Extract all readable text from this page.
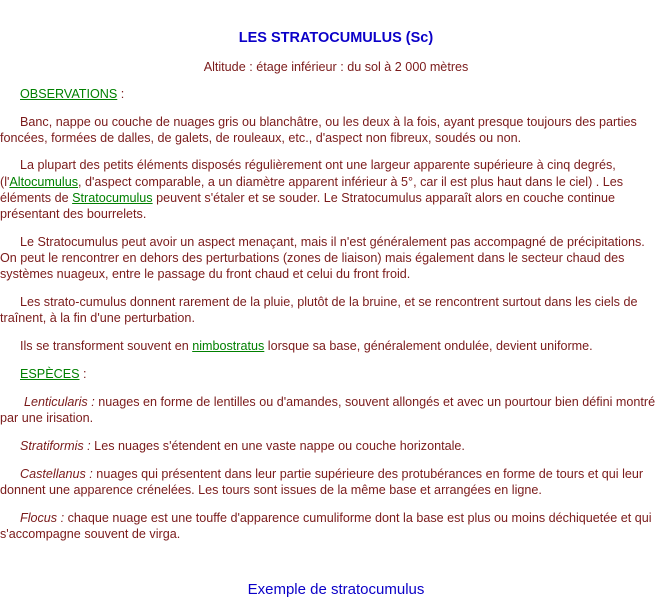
LES STRATOCUMULUS (Sc)
Altitude : étage inférieur : du sol à 2 000 mètres
OBSERVATIONS :
Banc, nappe ou couche de nuages gris ou blanchâtre, ou les deux à la fois, ayant presque toujours des parties
foncées, formées de dalles, de galets, de rouleaux, etc., d'aspect non fibreux, soudés ou non.
La plupart des petits éléments disposés régulièrement ont une largeur apparente supérieure à cinq degrés,
(l'Altocumulus, d'aspect comparable, a un diamètre apparent inférieur à 5°, car il est plus haut dans le ciel) . Les
éléments de Stratocumulus peuvent s'étaler et se souder. Le Stratocumulus apparaît alors en couche continue
présentant des bourrelets.
Le Stratocumulus peut avoir un aspect menaçant, mais il n'est généralement pas accompagné de précipitations.
On peut le rencontrer en dehors des perturbations (zones de liaison) mais également dans le secteur chaud des
systèmes nuageux, entre le passage du front chaud et celui du front froid.
Les strato-cumulus donnent rarement de la pluie, plutôt de la bruine, et se rencontrent surtout dans les ciels de
traînent, à la fin d'une perturbation.
Ils se transforment souvent en nimbostratus lorsque sa base, généralement ondulée, devient uniforme.
ESPÈCES :
Lenticularis : nuages en forme de lentilles ou d'amandes, souvent allongés et avec un pourtour bien défini montré
par une irisation.
Stratiformis : Les nuages s'étendent en une vaste nappe ou couche horizontale.
Castellanus : nuages qui présentent dans leur partie supérieure des protubérances en forme de tours et qui leur
donnent une apparence crénelées. Les tours sont issues de la même base et arrangées en ligne.
Flocus : chaque nuage est une touffe d'apparence cumuliforme dont la base est plus ou moins déchiquetée et qui
s'accompagne souvent de virga.
Exemple de stratocumulus
